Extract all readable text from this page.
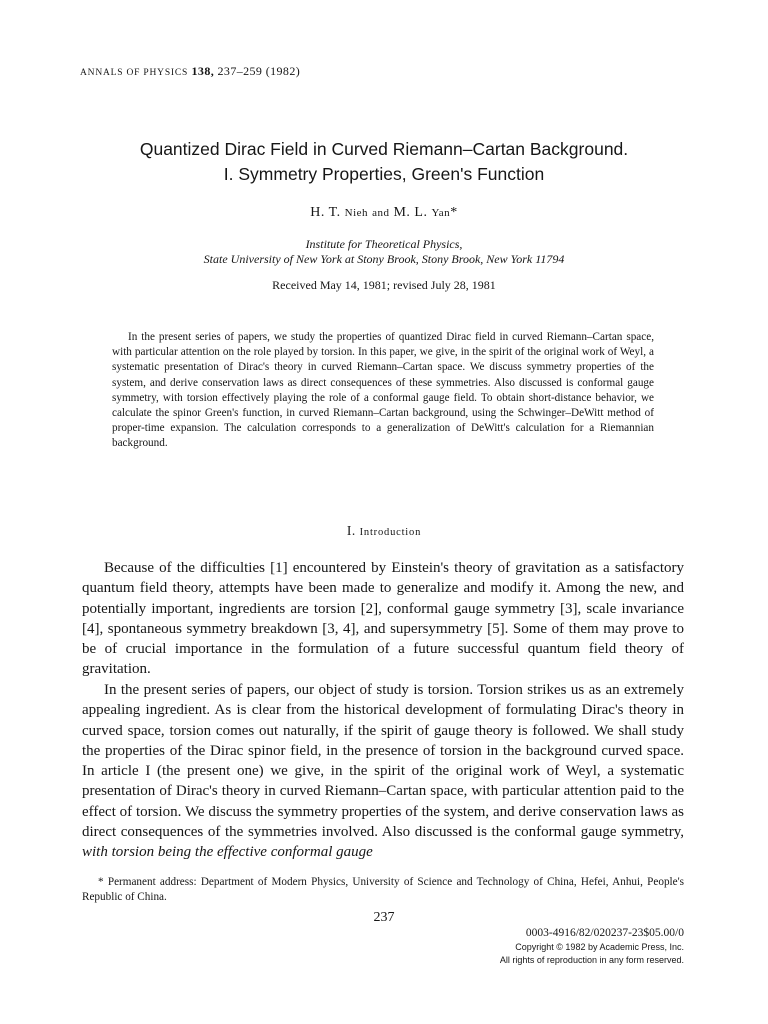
ANNALS OF PHYSICS 138, 237–259 (1982)
Quantized Dirac Field in Curved Riemann–Cartan Background.
I. Symmetry Properties, Green's Function
H. T. Nieh and M. L. Yan*
Institute for Theoretical Physics,
State University of New York at Stony Brook, Stony Brook, New York 11794
Received May 14, 1981; revised July 28, 1981
In the present series of papers, we study the properties of quantized Dirac field in curved Riemann–Cartan space, with particular attention on the role played by torsion. In this paper, we give, in the spirit of the original work of Weyl, a systematic presentation of Dirac's theory in curved Riemann–Cartan space. We discuss symmetry properties of the system, and derive conservation laws as direct consequences of these symmetries. Also discussed is conformal gauge symmetry, with torsion effectively playing the role of a conformal gauge field. To obtain short-distance behavior, we calculate the spinor Green's function, in curved Riemann–Cartan background, using the Schwinger–DeWitt method of proper-time expansion. The calculation corresponds to a generalization of DeWitt's calculation for a Riemannian background.
I. Introduction
Because of the difficulties [1] encountered by Einstein's theory of gravitation as a satisfactory quantum field theory, attempts have been made to generalize and modify it. Among the new, and potentially important, ingredients are torsion [2], conformal gauge symmetry [3], scale invariance [4], spontaneous symmetry breakdown [3, 4], and supersymmetry [5]. Some of them may prove to be of crucial importance in the formulation of a future successful quantum field theory of gravitation.
In the present series of papers, our object of study is torsion. Torsion strikes us as an extremely appealing ingredient. As is clear from the historical development of formulating Dirac's theory in curved space, torsion comes out naturally, if the spirit of gauge theory is followed. We shall study the properties of the Dirac spinor field, in the presence of torsion in the background curved space. In article I (the present one) we give, in the spirit of the original work of Weyl, a systematic presentation of Dirac's theory in curved Riemann–Cartan space, with particular attention paid to the effect of torsion. We discuss the symmetry properties of the system, and derive conservation laws as direct consequences of the symmetries involved. Also discussed is the conformal gauge symmetry, with torsion being the effective conformal gauge
* Permanent address: Department of Modern Physics, University of Science and Technology of China, Hefei, Anhui, People's Republic of China.
237
0003-4916/82/020237-23$05.00/0
Copyright © 1982 by Academic Press, Inc.
All rights of reproduction in any form reserved.
